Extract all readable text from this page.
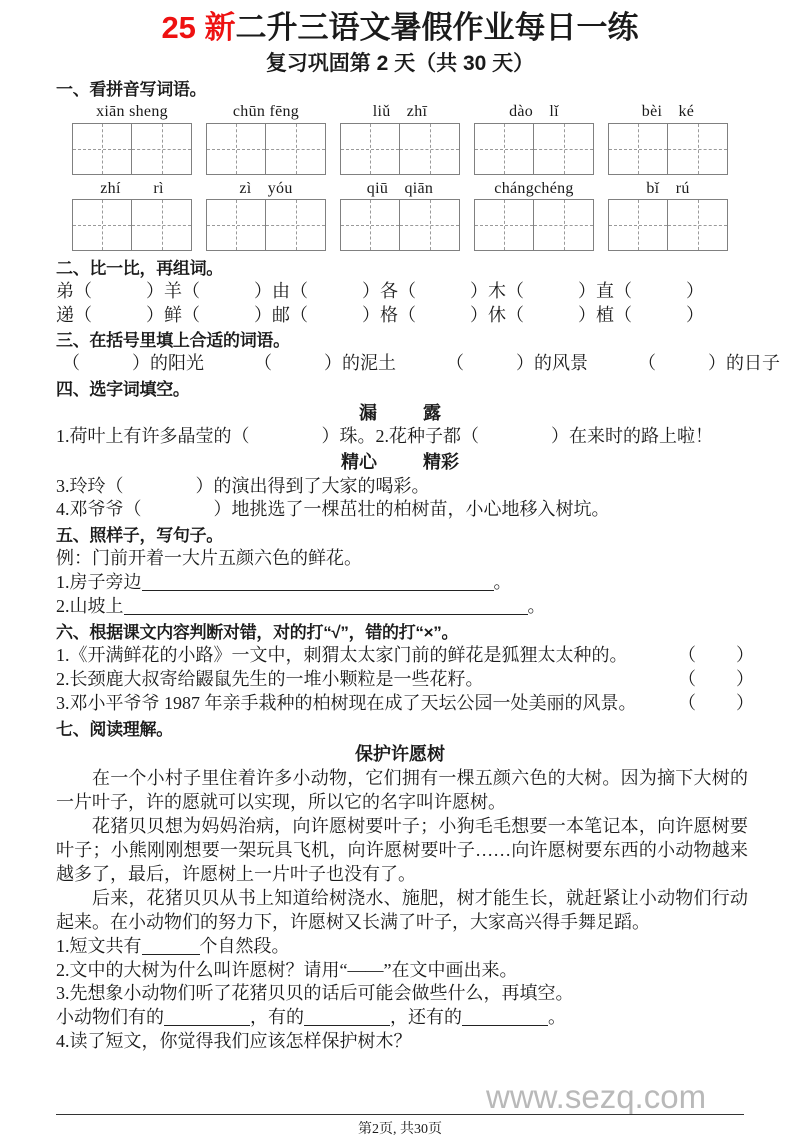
25 新二升三语文暑假作业每日一练
复习巩固第 2 天（共 30 天）
一、看拼音写词语。
xiān sheng	chūn fēng	liǔ　zhī	dào　lǐ	bèi　ké
zhí　　rì	zì　yóu	qiū　qiān	chángchéng	bǐ　rú
二、比一比，再组词。
弟（	） 羊（	） 由（	） 各（	） 木（	） 直（	）
递（	） 鲜（	） 邮（	） 格（	） 休（	） 植（	）
三、在括号里填上合适的词语。
（	）的阳光	（	）的泥土	（	）的风景	（	）的日子
四、选字词填空。
漏	露
1.荷叶上有许多晶莹的（	）珠。2.花种子都（	）在来时的路上啦！
精心	精彩
3.玲玲（	）的演出得到了大家的喝彩。
4.邓爷爷（	）地挑选了一棵茁壮的柏树苗，小心地移入树坑。
五、照样子，写句子。
例：门前开着一大片五颜六色的鲜花。
1.房子旁边	。
2.山坡上	。
六、根据课文内容判断对错，对的打“√”，错的打“×”。
1.《开满鲜花的小路》一文中，刺猬太太家门前的鲜花是狐狸太太种的。	（ ）
2.长颈鹿大叔寄给鼹鼠先生的一堆小颗粒是一些花籽。	（ ）
3.邓小平爷爷 1987 年亲手栽种的柏树现在成了天坛公园一处美丽的风景。	（ ）
七、阅读理解。
保护许愿树
在一个小村子里住着许多小动物，它们拥有一棵五颜六色的大树。因为摘下大树的一片叶子，许的愿就可以实现，所以它的名字叫许愿树。
花猪贝贝想为妈妈治病，向许愿树要叶子；小狗毛毛想要一本笔记本，向许愿树要叶子；小熊刚刚想要一架玩具飞机，向许愿树要叶子……向许愿树要东西的小动物越来越多了，最后，许愿树上一片叶子也没有了。
后来，花猪贝贝从书上知道给树浇水、施肥，树才能生长，就赶紧让小动物们行动起来。在小动物们的努力下，许愿树又长满了叶子，大家高兴得手舞足蹈。
1.短文共有	个自然段。
2.文中的大树为什么叫许愿树？请用“——”在文中画出来。
3.先想象小动物们听了花猪贝贝的话后可能会做些什么，再填空。
小动物们有的	，有的	，还有的	。
4.读了短文，你觉得我们应该怎样保护树木？
www.sezq.com
第2页, 共30页
